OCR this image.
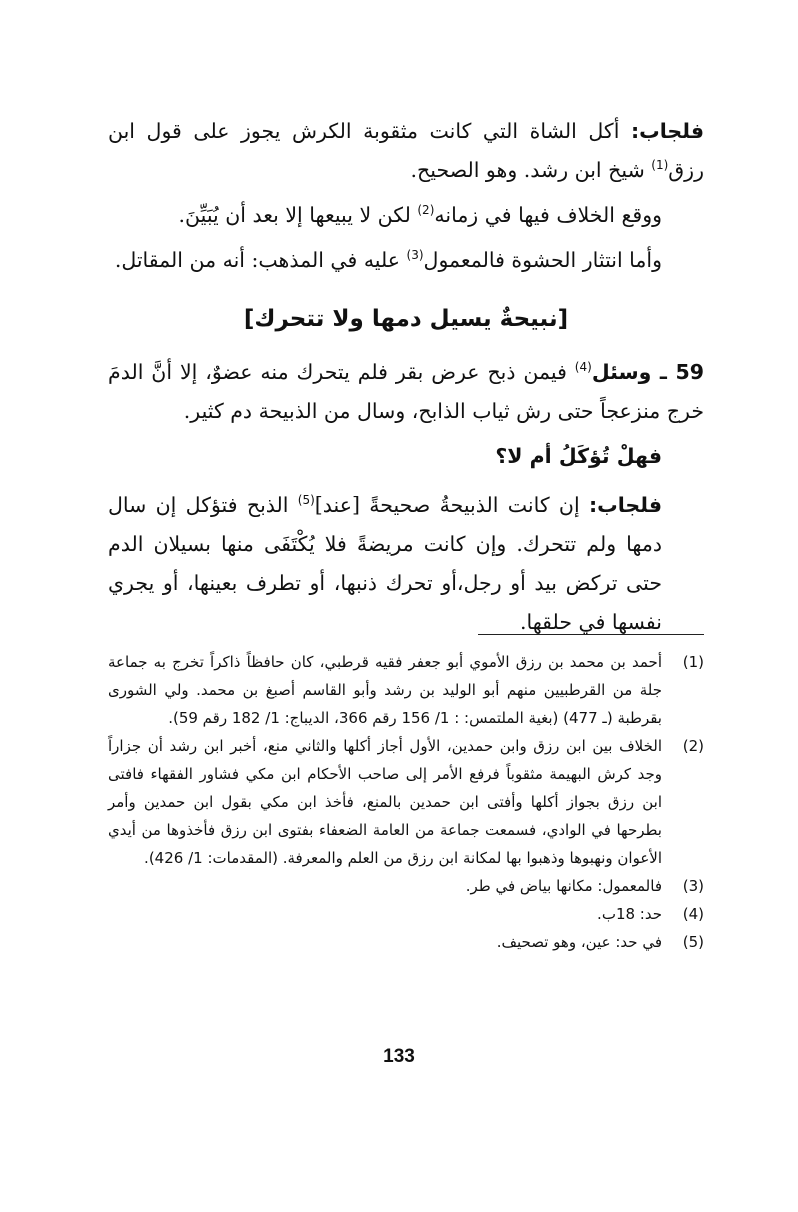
فلجاب: أكل الشاة التي كانت مثقوبة الكرش يجوز على قول ابن رزق$^{(1)}$ شيخ ابن رشد. وهو الصحيح.

ووقع الخلاف فيها في زمانه$^{(2)}$ لكن لا يبيعها إلا بعد أن يُبَيِّنَ.

وأما انتثار الحشوة فالمعمول$^{(3)}$ عليه في المذهب: أنه من المقاتل.

[نبيحةٌ يسيل دمها ولا تتحرك]

59 ـ وسئل$^{(4)}$ فيمن ذبح عرض بقر فلم يتحرك منه عضوٌ، إلا أنَّ الدمَ خرج منزعجاً حتى رش ثياب الذابح، وسال من الذبيحة دم كثير.

فهلْ تُؤكَلُ أم لا؟

فلجاب: إن كانت الذبيحةُ صحيحةً [عند]$^{(5)}$ الذبح فتؤكل إن سال دمها ولم تتحرك. وإن كانت مريضةً فلا يُكْتَفَى منها بسيلان الدم حتى تركض بيد أو رجل،أو تحرك ذنبها، أو تطرف بعينها، أو يجري نفسها في حلقها.

(1)
أحمد بن محمد بن رزق الأموي أبو جعفر فقيه قرطبي، كان حافظاً ذاكراً تخرج به جماعة جلة من القرطبيين منهم أبو الوليد بن رشد وأبو القاسم أصبغ بن محمد. ولي الشورى بقرطبة (ـ 477) (بغية الملتمس: : 1/ 156 رقم 366، الديباج: 1/ 182 رقم 59).
(2)
الخلاف بين ابن رزق وابن حمدين، الأول أجاز أكلها والثاني منع، أخبر ابن رشد أن جزاراً وجد كرش البهيمة مثقوباً فرفع الأمر إلى صاحب الأحكام ابن مكي فشاور الفقهاء فافتى ابن رزق بجواز أكلها وأفتى ابن حمدين بالمنع، فأخذ ابن مكي بقول ابن حمدين وأمر بطرحها في الوادي، فسمعت جماعة من العامة الضعفاء بفتوى ابن رزق فأخذوها من أيدي الأعوان ونهبوها وذهبوا بها لمكانة ابن رزق من العلم والمعرفة. (المقدمات: 1/ 426).
(3)
فالمعمول: مكانها بياض في طر.
(4)
حد: 18ب.
(5)
في حد: عين، وهو تصحيف.
133
